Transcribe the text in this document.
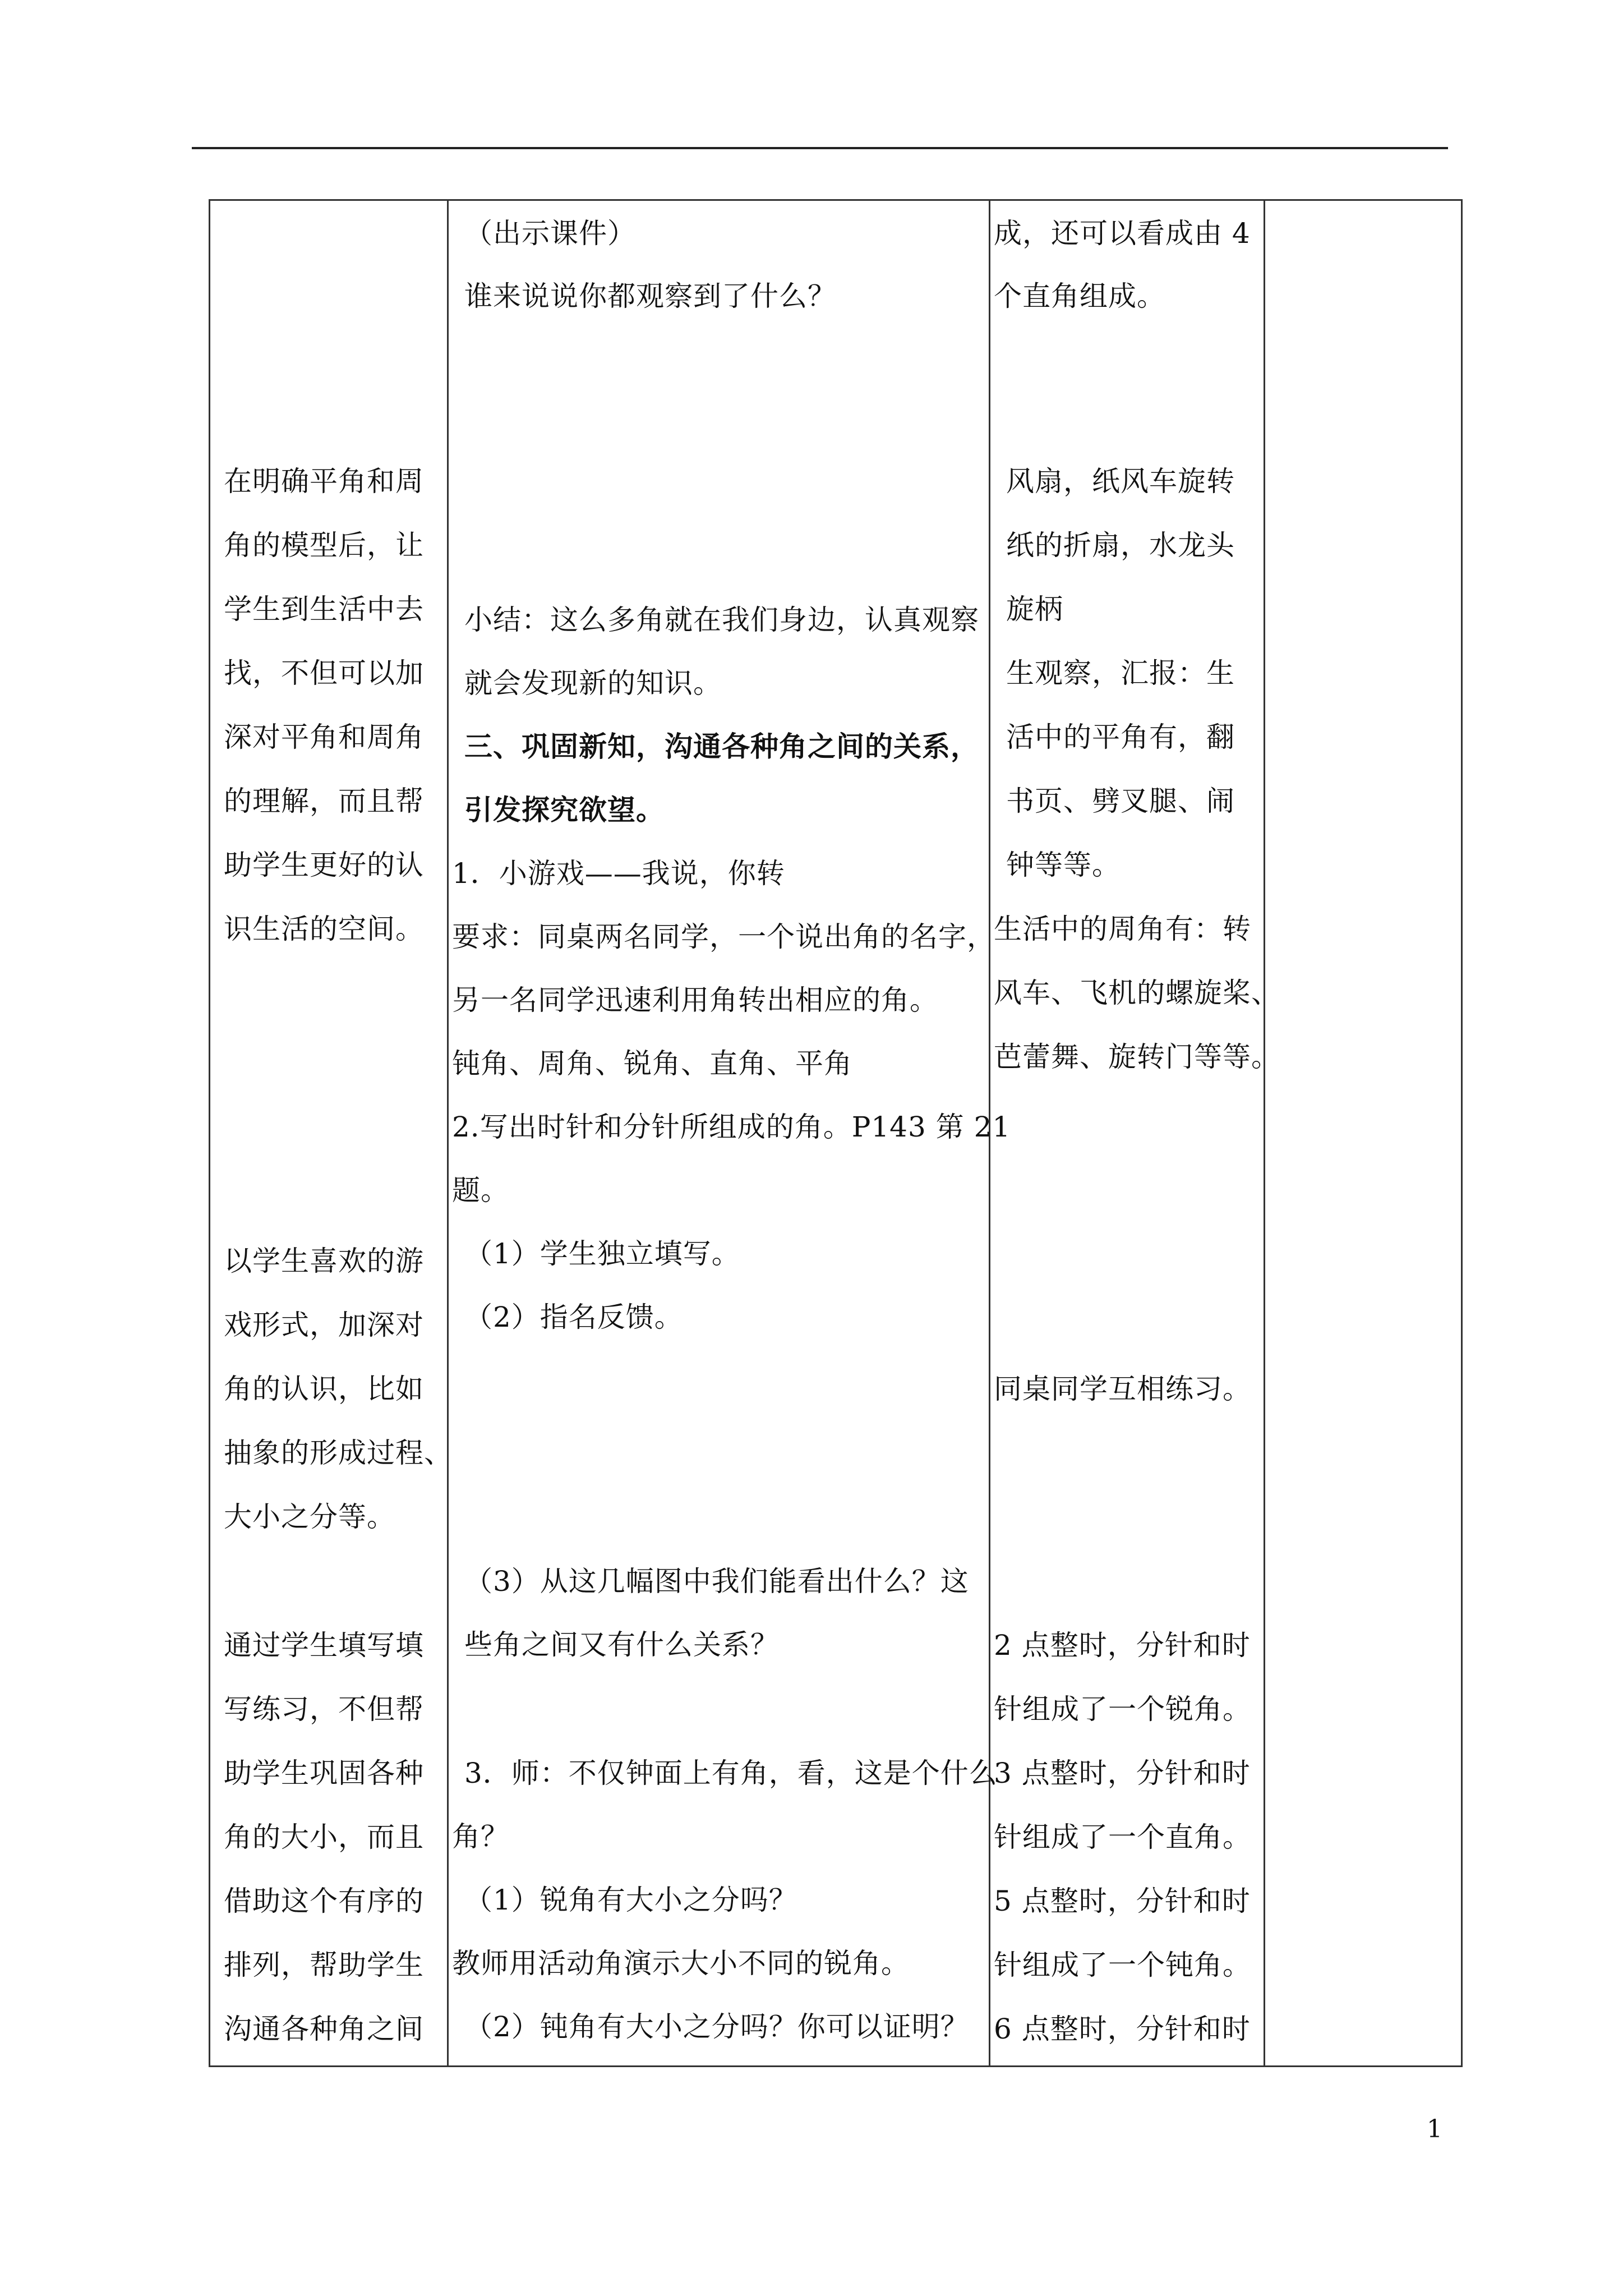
在明确平角和周
角的模型后，让
学生到生活中去
找，不但可以加
深对平角和周角
的理解，而且帮
助学生更好的认
识生活的空间。
以学生喜欢的游
戏形式，加深对
角的认识，比如
抽象的形成过程、
大小之分等。
通过学生填写填
写练习，不但帮
助学生巩固各种
角的大小，而且
借助这个有序的
排列，帮助学生
沟通各种角之间
（出示课件）
谁来说说你都观察到了什么？
小结：这么多角就在我们身边，认真观察
就会发现新的知识。
三、巩固新知，沟通各种角之间的关系，
引发探究欲望。
1．小游戏——我说，你转
要求：同桌两名同学，一个说出角的名字，
另一名同学迅速利用角转出相应的角。
钝角、周角、锐角、直角、平角
2.写出时针和分针所组成的角。P143 第 21
题。
（1）学生独立填写。
（2）指名反馈。
（3）从这几幅图中我们能看出什么？这
些角之间又有什么关系？
3．师：不仅钟面上有角，看，这是个什么
角？
（1）锐角有大小之分吗？
教师用活动角演示大小不同的锐角。
（2）钝角有大小之分吗？你可以证明？
成，还可以看成由 4
个直角组成。
风扇，纸风车旋转
纸的折扇，水龙头
旋柄
生观察，汇报：生
活中的平角有，翻
书页、劈叉腿、闹
钟等等。
生活中的周角有：转
风车、飞机的螺旋桨、
芭蕾舞、旋转门等等。
同桌同学互相练习。
2 点整时，分针和时
针组成了一个锐角。
3 点整时，分针和时
针组成了一个直角。
5 点整时，分针和时
针组成了一个钝角。
6 点整时，分针和时
1
